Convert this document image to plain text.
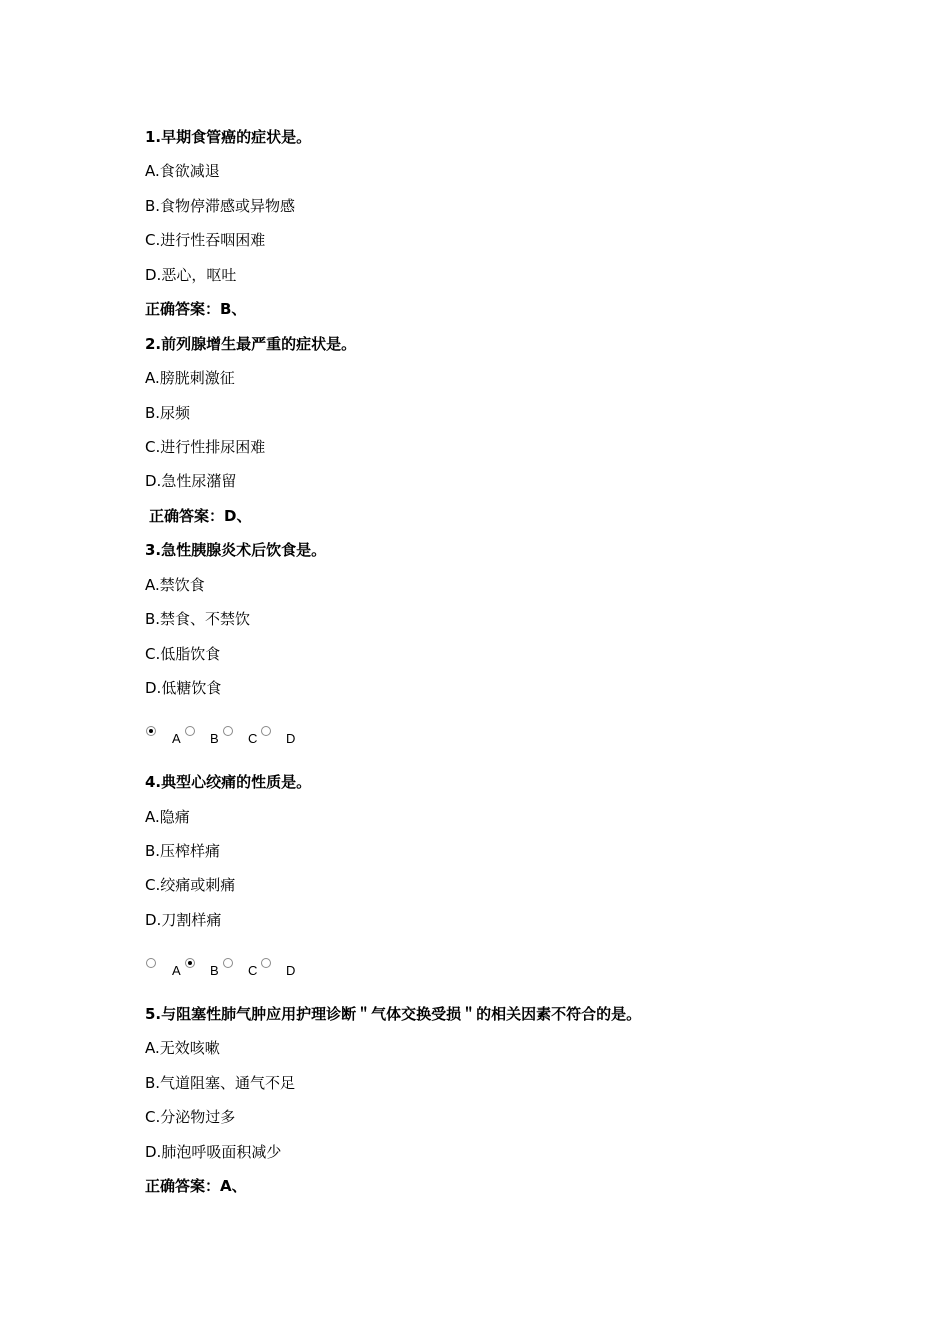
1.早期食管癌的症状是。
A.食欲减退
B.食物停滞感或异物感
C.进行性吞咽困难
D.恶心，呕吐
正确答案：B、
2.前列腺增生最严重的症状是。
A.膀胱刺激征
B.尿频
C.进行性排尿困难
D.急性尿潴留
正确答案：D、
3.急性胰腺炎术后饮食是。
A.禁饮食
B.禁食、不禁饮
C.低脂饮食
D.低糖饮食
A B C D
4.典型心绞痛的性质是。
A.隐痛
B.压榨样痛
C.绞痛或刺痛
D.刀割样痛
A B C D
5.与阻塞性肺气肿应用护理诊断＂气体交换受损＂的相关因素不符合的是。
A.无效咳嗽
B.气道阻塞、通气不足
C.分泌物过多
D.肺泡呼吸面积减少
正确答案：A、
